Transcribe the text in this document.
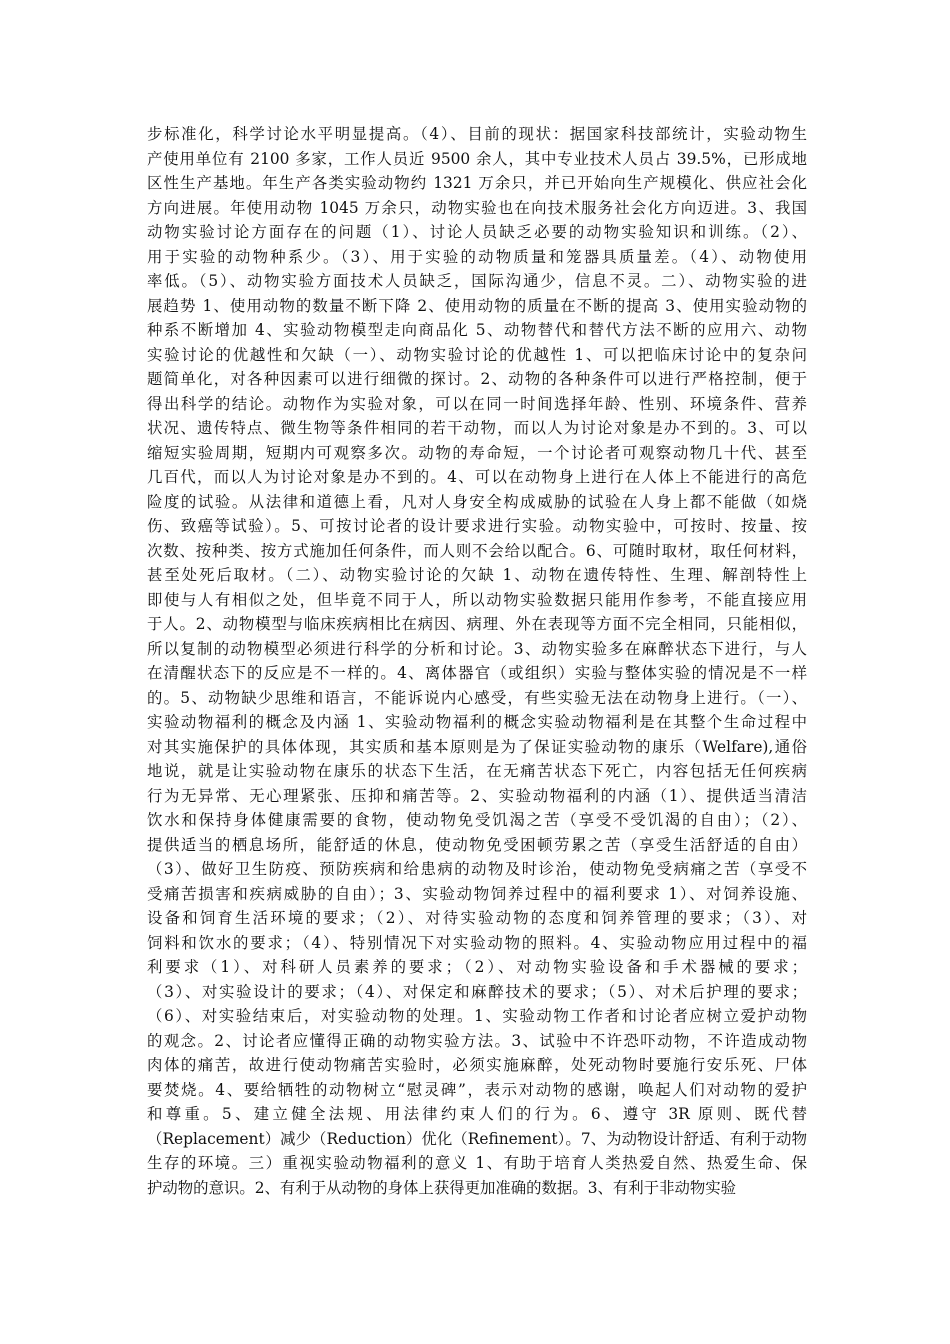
步标准化，科学讨论水平明显提高。（4）、目前的现状：据国家科技部统计，实验动物生
产使用单位有 2100 多家，工作人员近 9500 余人，其中专业技术人员占 39.5%，已形成地
区性生产基地。年生产各类实验动物约 1321 万余只，并已开始向生产规模化、供应社会化
方向进展。年使用动物 1045 万余只，动物实验也在向技术服务社会化方向迈进。3、我国
动物实验讨论方面存在的问题（1）、讨论人员缺乏必要的动物实验知识和训练。（2）、
用于实验的动物种系少。（3）、用于实验的动物质量和笼器具质量差。（4）、动物使用
率低。（5）、动物实验方面技术人员缺乏，国际沟通少，信息不灵。二）、动物实验的进
展趋势 1、使用动物的数量不断下降 2、使用动物的质量在不断的提高 3、使用实验动物的
种系不断增加 4、实验动物模型走向商品化 5、动物替代和替代方法不断的应用六、动物
实验讨论的优越性和欠缺（一）、动物实验讨论的优越性 1、可以把临床讨论中的复杂问
题简单化，对各种因素可以进行细微的探讨。2、动物的各种条件可以进行严格控制，便于
得出科学的结论。动物作为实验对象，可以在同一时间选择年龄、性别、环境条件、营养
状况、遗传特点、微生物等条件相同的若干动物，而以人为讨论对象是办不到的。3、可以
缩短实验周期，短期内可观察多次。动物的寿命短，一个讨论者可观察动物几十代、甚至
几百代，而以人为讨论对象是办不到的。4、可以在动物身上进行在人体上不能进行的高危
险度的试验。从法律和道德上看，凡对人身安全构成威胁的试验在人身上都不能做（如烧
伤、致癌等试验）。5、可按讨论者的设计要求进行实验。动物实验中，可按时、按量、按
次数、按种类、按方式施加任何条件，而人则不会给以配合。6、可随时取材，取任何材料，
甚至处死后取材。（二）、动物实验讨论的欠缺 1、动物在遗传特性、生理、解剖特性上
即使与人有相似之处，但毕竟不同于人，所以动物实验数据只能用作参考，不能直接应用
于人。2、动物模型与临床疾病相比在病因、病理、外在表现等方面不完全相同，只能相似，
所以复制的动物模型必须进行科学的分析和讨论。3、动物实验多在麻醉状态下进行，与人
在清醒状态下的反应是不一样的。4、离体器官（或组织）实验与整体实验的情况是不一样
的。5、动物缺少思维和语言，不能诉说内心感受，有些实验无法在动物身上进行。（一）、
实验动物福利的概念及内涵 1、实验动物福利的概念实验动物福利是在其整个生命过程中
对其实施保护的具体体现，其实质和基本原则是为了保证实验动物的康乐（Welfare),通俗
地说，就是让实验动物在康乐的状态下生活，在无痛苦状态下死亡，内容包括无任何疾病
行为无异常、无心理紧张、压抑和痛苦等。2、实验动物福利的内涵（1）、提供适当清洁
饮水和保持身体健康需要的食物，使动物免受饥渴之苦（享受不受饥渴的自由）；（2）、
提供适当的栖息场所，能舒适的休息，使动物免受困顿劳累之苦（享受生活舒适的自由）
（3）、做好卫生防疫、预防疾病和给患病的动物及时诊治，使动物免受病痛之苦（享受不
受痛苦损害和疾病威胁的自由）；3、实验动物饲养过程中的福利要求 1）、对饲养设施、
设备和饲育生活环境的要求；（2）、对待实验动物的态度和饲养管理的要求；（3）、对
饲料和饮水的要求；（4）、特别情况下对实验动物的照料。4、实验动物应用过程中的福
利要求（1）、对科研人员素养的要求；（2）、对动物实验设备和手术器械的要求；
（3）、对实验设计的要求；（4）、对保定和麻醉技术的要求；（5）、对术后护理的要求；
（6）、对实验结束后，对实验动物的处理。1、实验动物工作者和讨论者应树立爱护动物
的观念。2、讨论者应懂得正确的动物实验方法。3、试验中不许恐吓动物，不许造成动物
肉体的痛苦，故进行使动物痛苦实验时，必须实施麻醉，处死动物时要施行安乐死、尸体
要焚烧。4、要给牺牲的动物树立“慰灵碑”，表示对动物的感谢，唤起人们对动物的爱护
和尊重。5、建立健全法规、用法律约束人们的行为。6、遵守 3R 原则、既代替
（Replacement）减少（Reduction）优化（Refinement）。7、为动物设计舒适、有利于动物
生存的环境。三）重视实验动物福利的意义 1、有助于培育人类热爱自然、热爱生命、保
护动物的意识。2、有利于从动物的身体上获得更加准确的数据。3、有利于非动物实验
